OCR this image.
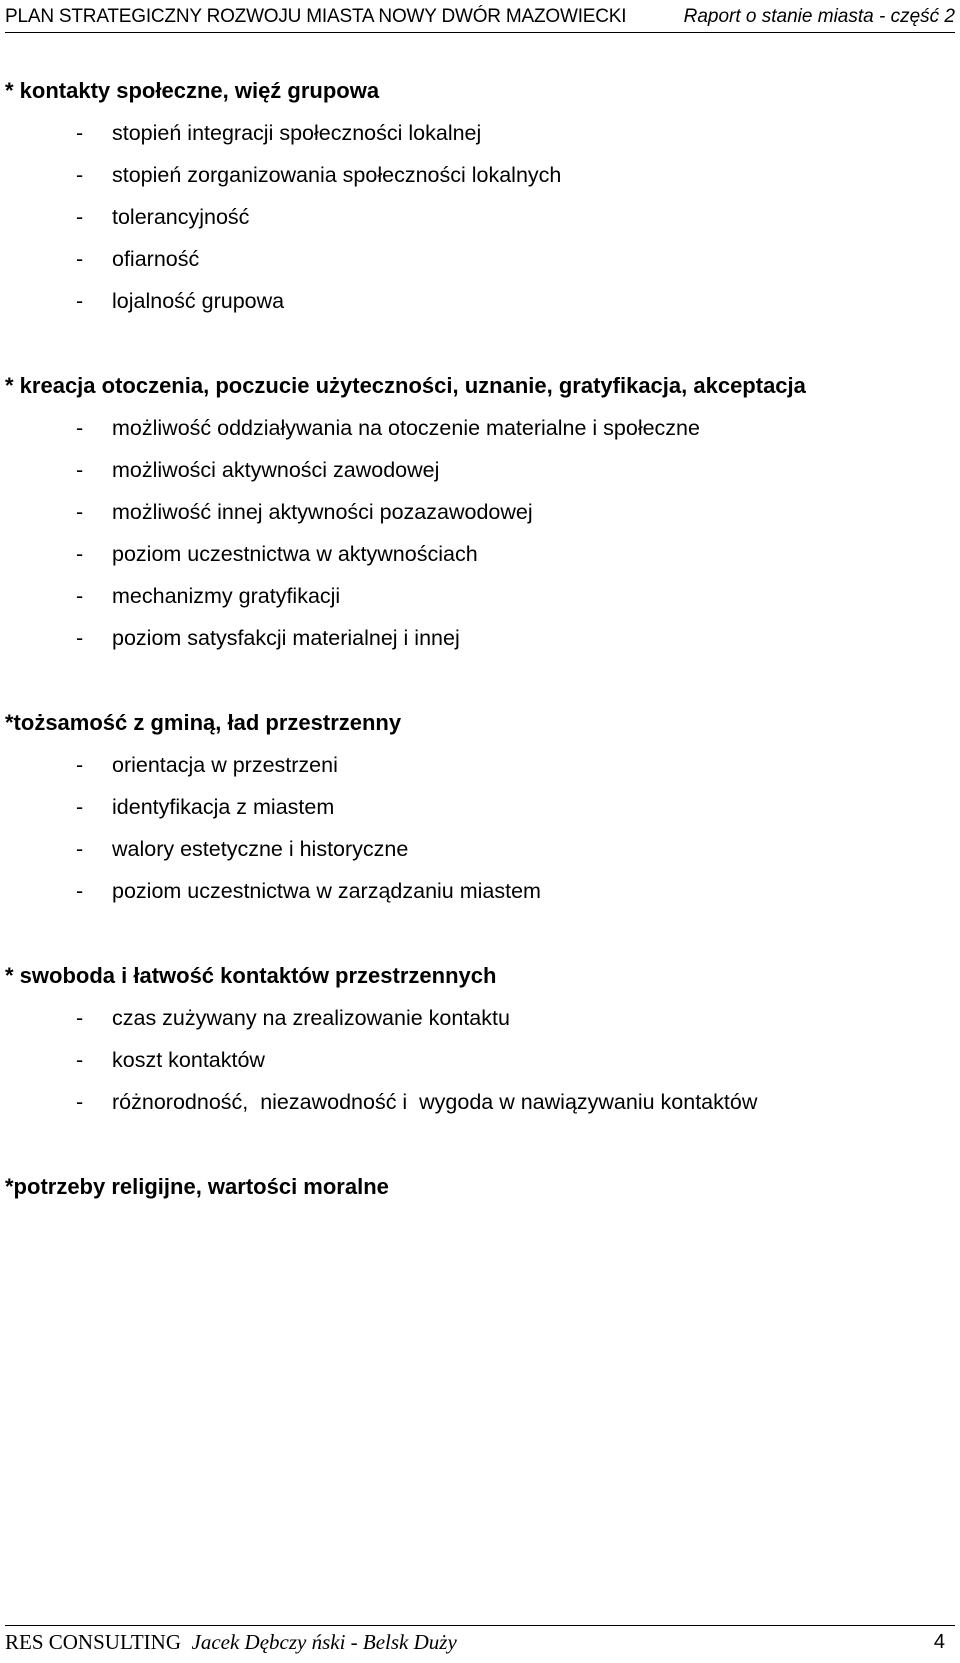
PLAN STRATEGICZNY ROZWOJU MIASTA NOWY DWÓR MAZOWIECKI	Raport o stanie miasta - część 2
* kontakty społeczne, więź grupowa
-	stopień integracji społeczności lokalnej
-	stopień zorganizowania społeczności lokalnych
-	tolerancyjność
-	ofiarność
-	lojalność grupowa
* kreacja otoczenia, poczucie użyteczności, uznanie, gratyfikacja, akceptacja
-	możliwość oddziaływania na otoczenie materialne i społeczne
-	możliwości aktywności zawodowej
-	możliwość innej aktywności pozazawodowej
-	poziom uczestnictwa w aktywnościach
-	mechanizmy gratyfikacji
-	poziom satysfakcji materialnej i innej
*tożsamość z gminą, ład przestrzenny
-	orientacja w przestrzeni
-	identyfikacja z miastem
-	walory estetyczne i historyczne
-	poziom uczestnictwa w zarządzaniu miastem
* swoboda i łatwość kontaktów przestrzennych
-	czas zużywany na zrealizowanie kontaktu
-	koszt kontaktów
-	różnorodność,  niezawodność i  wygoda w nawiązywaniu kontaktów
*potrzeby religijne, wartości moralne
RES CONSULTING Jacek Dębczy ński - Belsk Duży	4
